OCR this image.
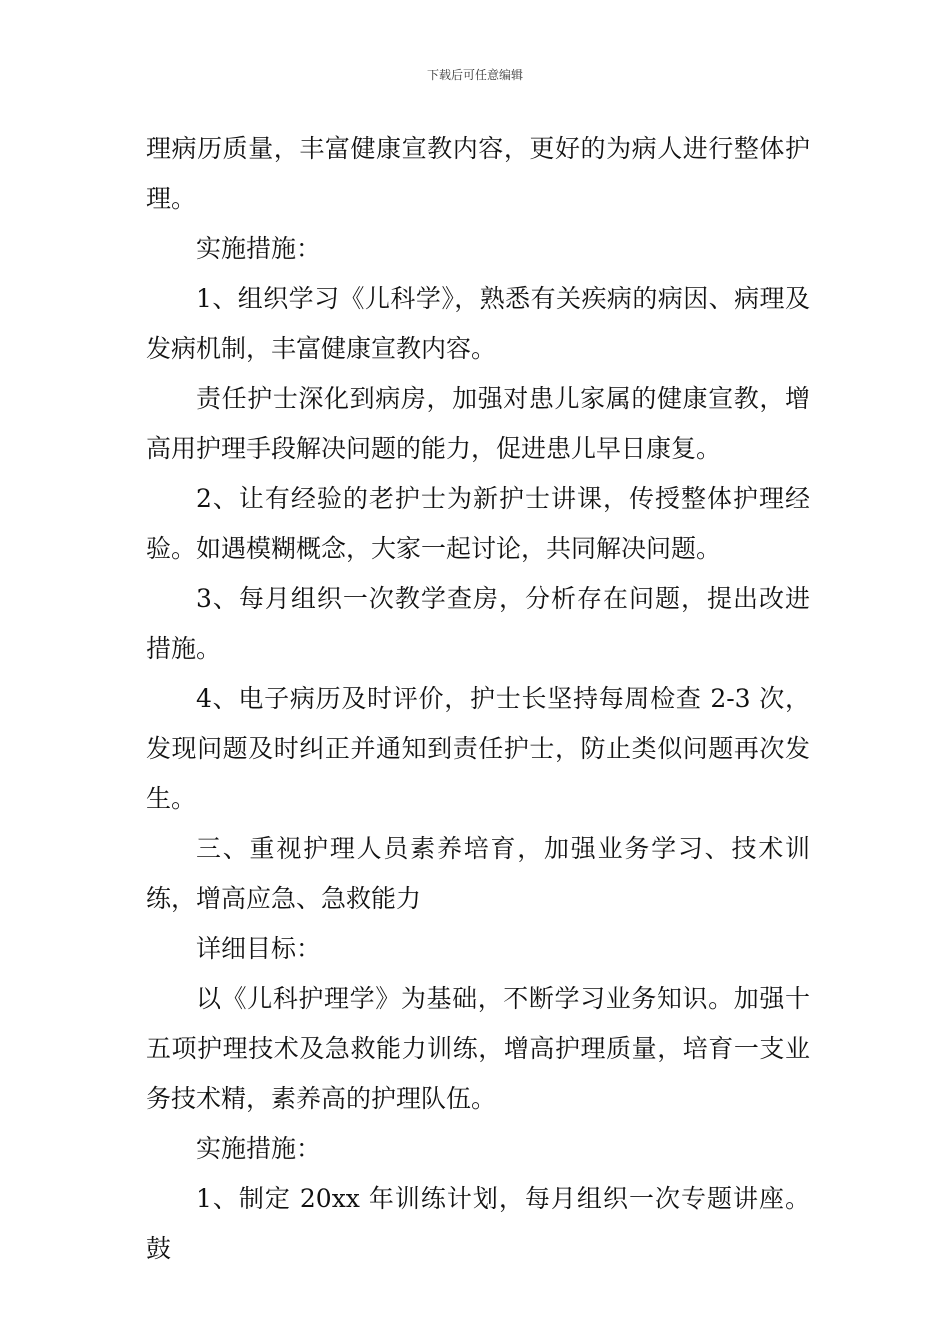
下载后可任意编辑

理病历质量，丰富健康宣教内容，更好的为病人进行整体护理。

实施措施：

1、组织学习《儿科学》，熟悉有关疾病的病因、病理及发病机制，丰富健康宣教内容。

责任护士深化到病房，加强对患儿家属的健康宣教，增高用护理手段解决问题的能力，促进患儿早日康复。

2、让有经验的老护士为新护士讲课，传授整体护理经验。如遇模糊概念，大家一起讨论，共同解决问题。

3、每月组织一次教学查房，分析存在问题，提出改进措施。

4、电子病历及时评价，护士长坚持每周检查 2-3 次，发现问题及时纠正并通知到责任护士，防止类似问题再次发生。

三、重视护理人员素养培育，加强业务学习、技术训练，增高应急、急救能力

详细目标：

以《儿科护理学》为基础，不断学习业务知识。加强十五项护理技术及急救能力训练，增高护理质量，培育一支业务技术精，素养高的护理队伍。

实施措施：

1、制定 20xx 年训练计划，每月组织一次专题讲座。鼓
